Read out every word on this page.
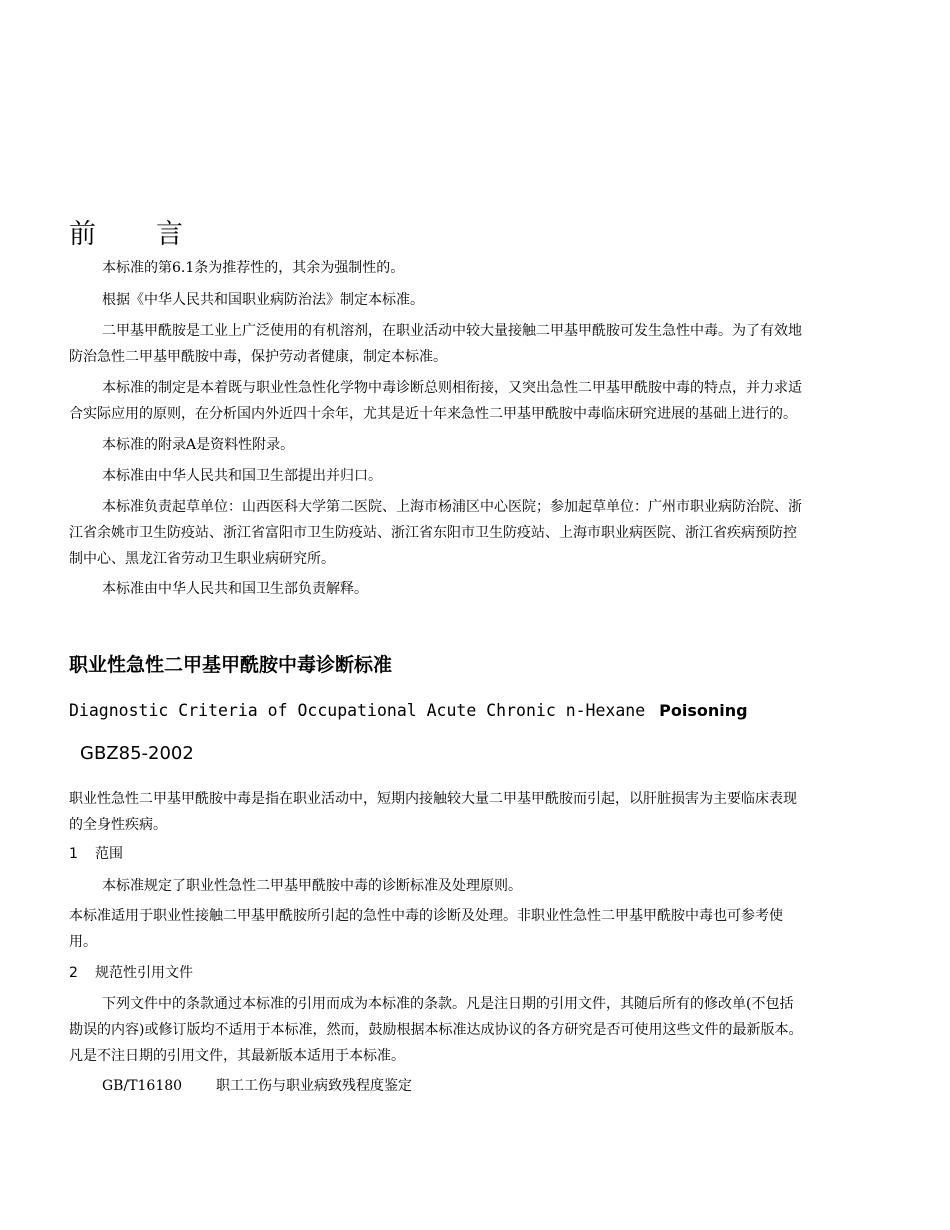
前 言

本标准的第6.1条为推荐性的，其余为强制性的。

根据《中华人民共和国职业病防治法》制定本标准。

二甲基甲酰胺是工业上广泛使用的有机溶剂，在职业活动中较大量接触二甲基甲酰胺可发生急性中毒。为了有效地
防治急性二甲基甲酰胺中毒，保护劳动者健康，制定本标准。
本标准的制定是本着既与职业性急性化学物中毒诊断总则相衔接，又突出急性二甲基甲酰胺中毒的特点，并力求适
合实际应用的原则，在分析国内外近四十余年，尤其是近十年来急性二甲基甲酰胺中毒临床研究进展的基础上进行的。

本标准的附录A是资料性附录。

本标准由中华人民共和国卫生部提出并归口。

本标准负责起草单位：山西医科大学第二医院、上海市杨浦区中心医院；参加起草单位：广州市职业病防治院、浙
江省余姚市卫生防疫站、浙江省富阳市卫生防疫站、浙江省东阳市卫生防疫站、上海市职业病医院、浙江省疾病预防控
制中心、黑龙江省劳动卫生职业病研究所。

本标准由中华人民共和国卫生部负责解释。

职业性急性二甲基甲酰胺中毒诊断标准

Diagnostic Criteria of Occupational Acute Chronic n-Hexane Poisoning

GBZ85-2002

职业性急性二甲基甲酰胺中毒是指在职业活动中，短期内接触较大量二甲基甲酰胺而引起，以肝脏损害为主要临床表现
的全身性疾病。

1 范围

本标准规定了职业性急性二甲基甲酰胺中毒的诊断标准及处理原则。

本标准适用于职业性接触二甲基甲酰胺所引起的急性中毒的诊断及处理。非职业性急性二甲基甲酰胺中毒也可参考使
用。

2 规范性引用文件

下列文件中的条款通过本标准的引用而成为本标准的条款。凡是注日期的引用文件，其随后所有的修改单(不包括
勘误的内容)或修订版均不适用于本标准，然而，鼓励根据本标准达成协议的各方研究是否可使用这些文件的最新版本。
凡是不注日期的引用文件，其最新版本适用于本标准。

GB/T16180 职工工伤与职业病致残程度鉴定
